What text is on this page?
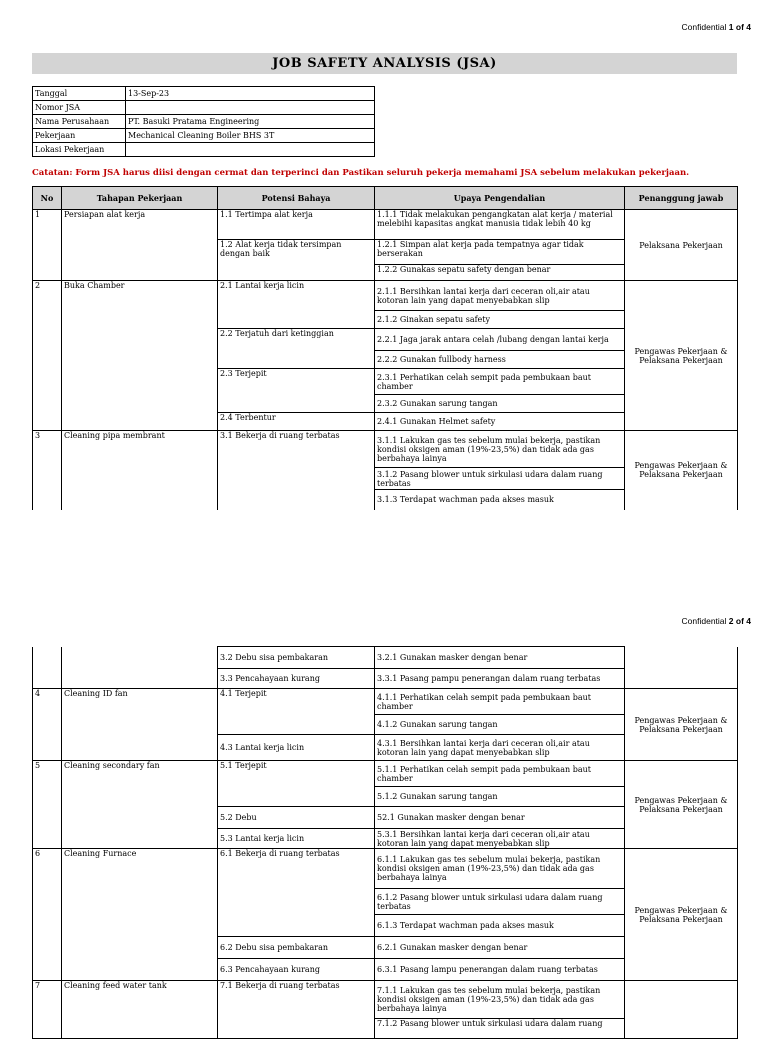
Confidential 1 of 4
JOB SAFETY ANALYSIS (JSA)
Tanggal	13-Sep-23
Nomor JSA	
Nama Perusahaan	PT. Basuki Pratama Engineering
Pekerjaan	Mechanical Cleaning Boiler BHS 3T
Lokasi Pekerjaan	
Catatan: Form JSA harus diisi dengan cermat dan terperinci dan Pastikan seluruh pekerja memahami JSA sebelum melakukan pekerjaan.
No	Tahapan Pekerjaan	Potensi Bahaya	Upaya Pengendalian	Penanggung jawab
1	Persiapan alat kerja	1.1 Tertimpa alat kerja	1.1.1 Tidak melakukan pengangkatan alat kerja / material melebihi kapasitas angkat manusia tidak lebih 40 kg	Pelaksana Pekerjaan
		1.2 Alat kerja tidak tersimpan dengan baik	1.2.1 Simpan alat kerja pada tempatnya agar tidak berserakan	
			1.2.2 Gunakas sepatu safety dengan benar	
2	Buka Chamber	2.1 Lantai kerja licin	2.1.1 Bersihkan lantai kerja dari ceceran oli,air atau kotoran lain yang dapat menyebabkan slip	Pengawas Pekerjaan & Pelaksana Pekerjaan
			2.1.2 Ginakan sepatu safety	
		2.2 Terjatuh dari ketinggian	2.2.1 Jaga jarak antara celah /lubang dengan lantai kerja	
			2.2.2 Gunakan fullbody harness	
		2.3 Terjepit	2.3.1 Perhatikan celah sempit pada pembukaan baut chamber	
			2.3.2 Gunakan sarung tangan	
		2.4 Terbentur	2.4.1 Gunakan Helmet safety	
3	Cleaning pipa membrant	3.1 Bekerja di ruang terbatas	3.1.1 Lakukan gas tes sebelum mulai bekerja, pastikan kondisi oksigen aman (19%-23,5%) dan tidak ada gas berbahaya lainya	Pengawas Pekerjaan & Pelaksana Pekerjaan
			3.1.2 Pasang blower untuk sirkulasi udara dalam ruang terbatas	
			3.1.3 Terdapat wachman pada akses masuk	
Confidential 2 of 4
		3.2 Debu sisa pembakaran	3.2.1 Gunakan masker dengan benar	
		3.3 Pencahayaan kurang	3.3.1 Pasang pampu penerangan dalam ruang terbatas	
4	Cleaning ID fan	4.1 Terjepit	4.1.1 Perhatikan celah sempit pada pembukaan baut chamber	Pengawas Pekerjaan & Pelaksana Pekerjaan
			4.1.2 Gunakan sarung tangan	
		4.3 Lantai kerja licin	4.3.1 Bersihkan lantai kerja dari ceceran oli,air atau kotoran lain yang dapat menyebabkan slip	
5	Cleaning secondary fan	5.1 Terjepit	5.1.1 Perhatikan celah sempit pada pembukaan baut chamber	Pengawas Pekerjaan & Pelaksana Pekerjaan
			5.1.2 Gunakan sarung tangan	
		5.2 Debu	52.1 Gunakan masker dengan benar	
		5.3 Lantai kerja licin	5.3.1 Bersihkan lantai kerja dari ceceran oli,air atau kotoran lain yang dapat menyebabkan slip	
6	Cleaning Furnace	6.1 Bekerja di ruang terbatas	6.1.1 Lakukan gas tes sebelum mulai bekerja, pastikan kondisi oksigen aman (19%-23,5%) dan tidak ada gas berbahaya lainya	Pengawas Pekerjaan & Pelaksana Pekerjaan
			6.1.2 Pasang blower untuk sirkulasi udara dalam ruang terbatas	
			6.1.3 Terdapat wachman pada akses masuk	
		6.2 Debu sisa pembakaran	6.2.1 Gunakan masker dengan benar	
		6.3 Pencahayaan kurang	6.3.1 Pasang lampu penerangan dalam ruang terbatas	
7	Cleaning feed water tank	7.1 Bekerja di ruang terbatas	7.1.1 Lakukan gas tes sebelum mulai bekerja, pastikan kondisi oksigen aman (19%-23,5%) dan tidak ada gas berbahaya lainya	
			7.1.2 Pasang blower untuk sirkulasi udara dalam ruang	
